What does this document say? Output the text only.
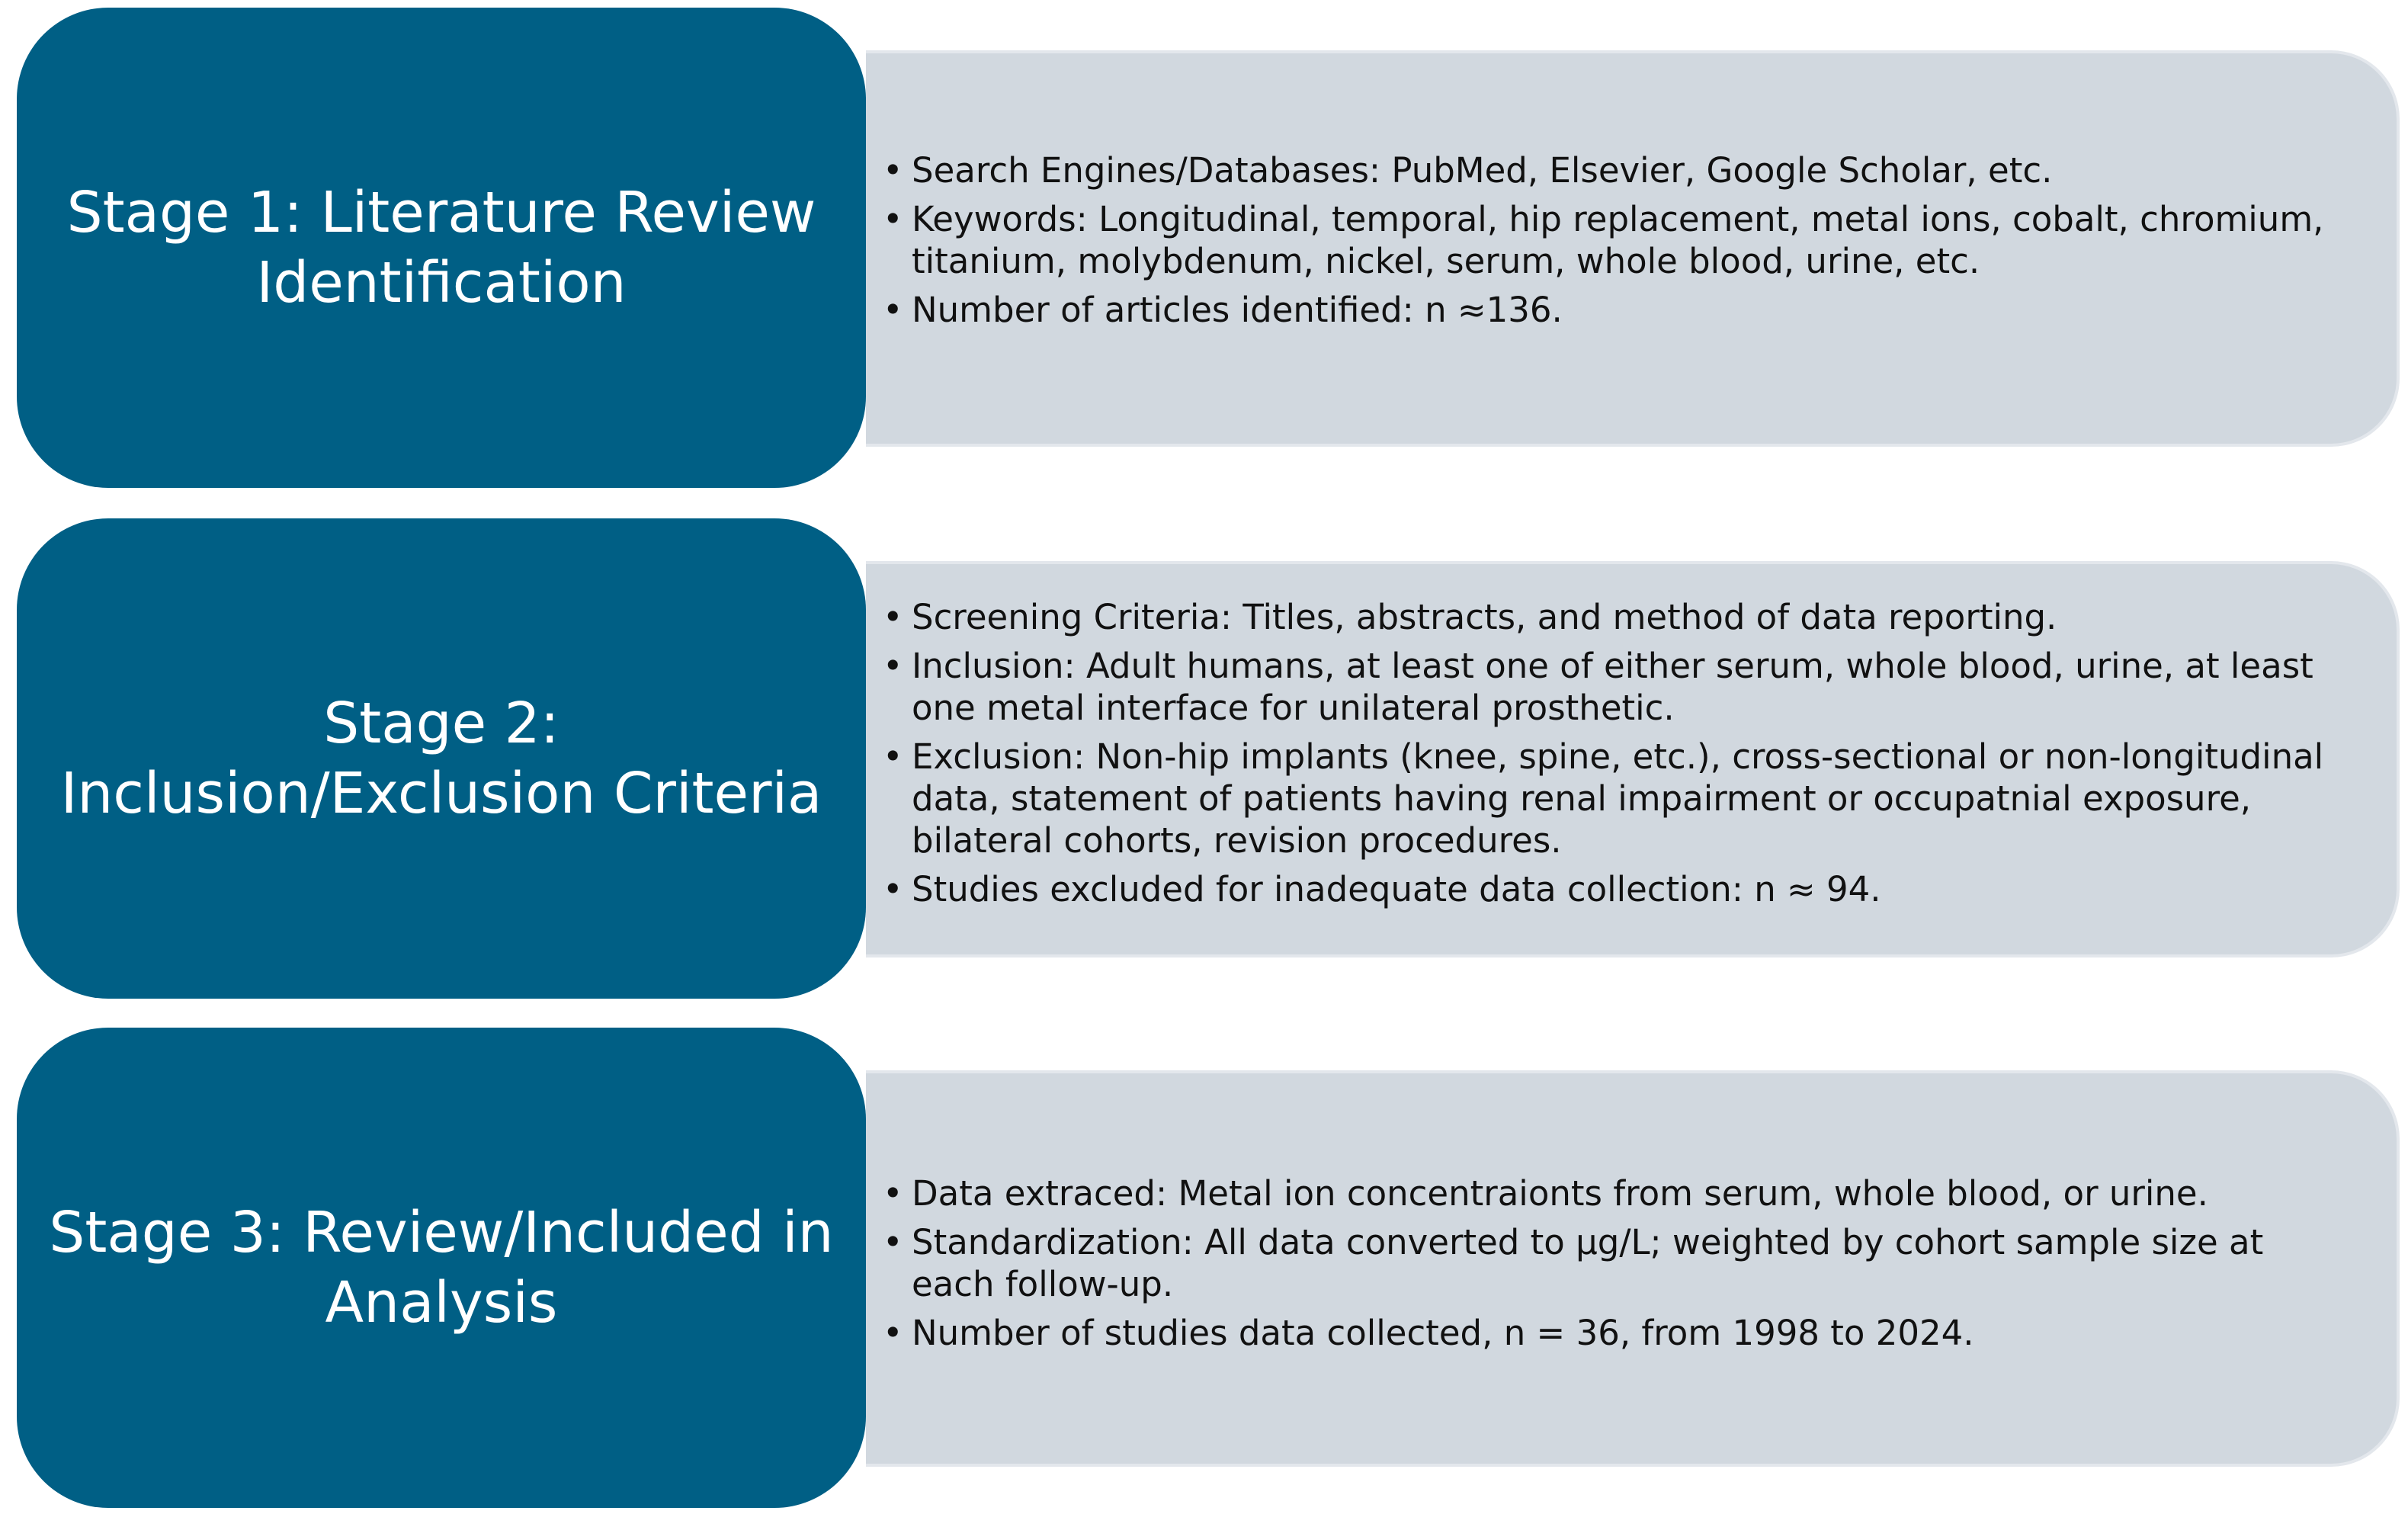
Stage 1: Literature Review
Identification
• Search Engines/Databases: PubMed, Elsevier, Google Scholar, etc.
• Keywords: Longitudinal, temporal, hip replacement, metal ions, cobalt, chromium, titanium, molybdenum, nickel, serum, whole blood, urine, etc.
• Number of articles identified: n ≈136.
Stage 2:
Inclusion/Exclusion Criteria
• Screening Criteria: Titles, abstracts, and method of data reporting.
• Inclusion: Adult humans, at least one of either serum, whole blood, urine, at least one metal interface for unilateral prosthetic.
• Exclusion: Non-hip implants (knee, spine, etc.), cross-sectional or non-longitudinal data, statement of patients having renal impairment or occupatnial exposure, bilateral cohorts, revision procedures.
• Studies excluded for inadequate data collection: n ≈ 94.
Stage 3: Review/Included in
Analysis
• Data extraced: Metal ion concentraionts from serum, whole blood, or urine.
• Standardization: All data converted to µg/L; weighted by cohort sample size at each follow-up.
• Number of studies data collected, n = 36, from 1998 to 2024.
